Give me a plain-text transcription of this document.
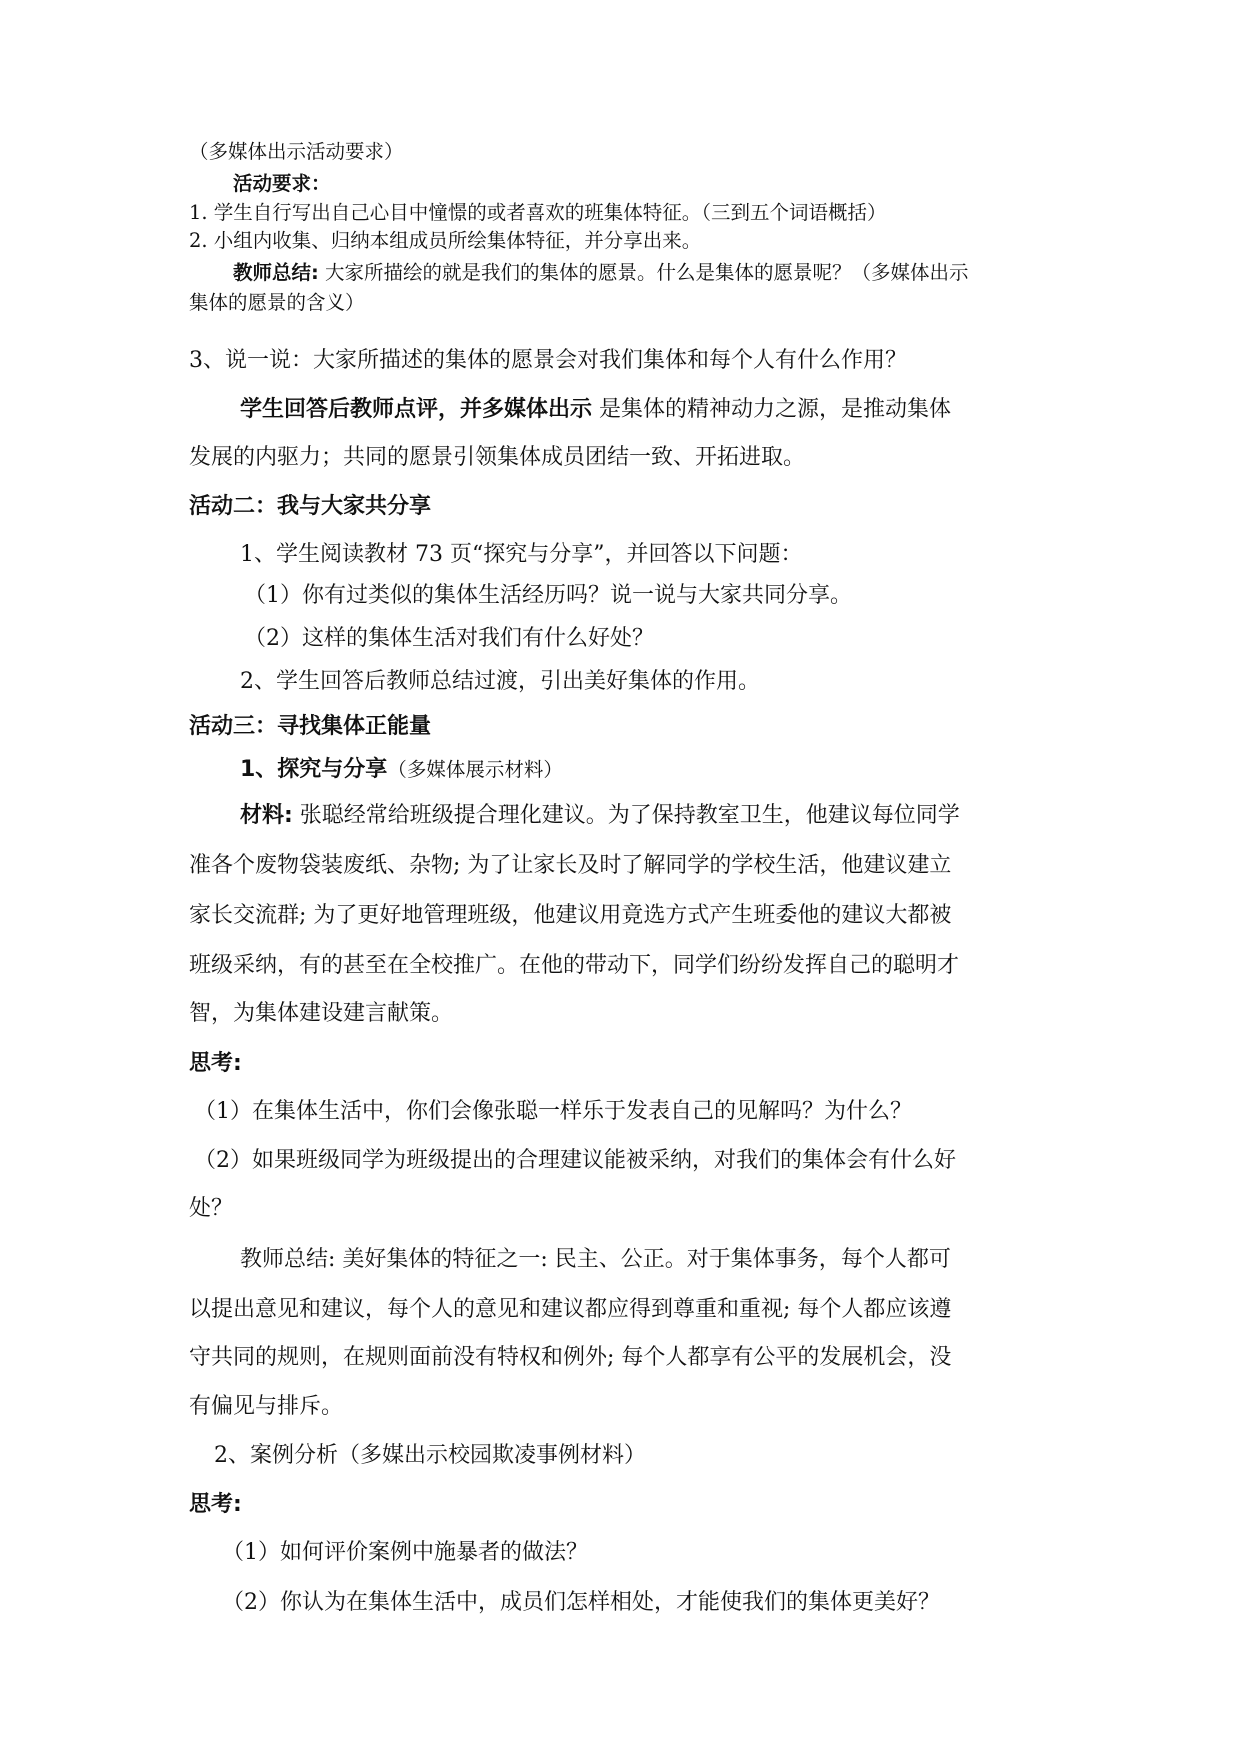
（多媒体出示活动要求）
活动要求：
1. 学生自行写出自己心目中憧憬的或者喜欢的班集体特征。（三到五个词语概括）
2. 小组内收集、归纳本组成员所绘集体特征，并分享出来。
教师总结: 大家所描绘的就是我们的集体的愿景。什么是集体的愿景呢？（多媒体出示
集体的愿景的含义）
3、说一说：大家所描述的集体的愿景会对我们集体和每个人有什么作用？
学生回答后教师点评，并多媒体出示 是集体的精神动力之源，是推动集体
发展的内驱力；共同的愿景引领集体成员团结一致、开拓进取。
活动二：我与大家共分享
1、学生阅读教材 73 页“探究与分享”，并回答以下问题：
（1）你有过类似的集体生活经历吗？说一说与大家共同分享。
（2）这样的集体生活对我们有什么好处？
2、学生回答后教师总结过渡，引出美好集体的作用。
活动三：寻找集体正能量
1、探究与分享（多媒体展示材料）
材料: 张聪经常给班级提合理化建议。为了保持教室卫生，他建议每位同学
准各个废物袋装废纸、杂物; 为了让家长及时了解同学的学校生活，他建议建立
家长交流群; 为了更好地管理班级，他建议用竟选方式产生班委他的建议大都被
班级采纳，有的甚至在全校推广。在他的带动下，同学们纷纷发挥自己的聪明才
智，为集体建设建言献策。
思考:
（1）在集体生活中，你们会像张聪一样乐于发表自己的见解吗？为什么？
（2）如果班级同学为班级提出的合理建议能被采纳，对我们的集体会有什么好
处？
教师总结: 美好集体的特征之一: 民主、公正。对于集体事务，每个人都可
以提出意见和建议，每个人的意见和建议都应得到尊重和重视; 每个人都应该遵
守共同的规则，在规则面前没有特权和例外; 每个人都享有公平的发展机会，没
有偏见与排斥。
2、案例分析（多媒出示校园欺凌事例材料）
思考:
（1）如何评价案例中施暴者的做法？
（2）你认为在集体生活中，成员们怎样相处，才能使我们的集体更美好？
